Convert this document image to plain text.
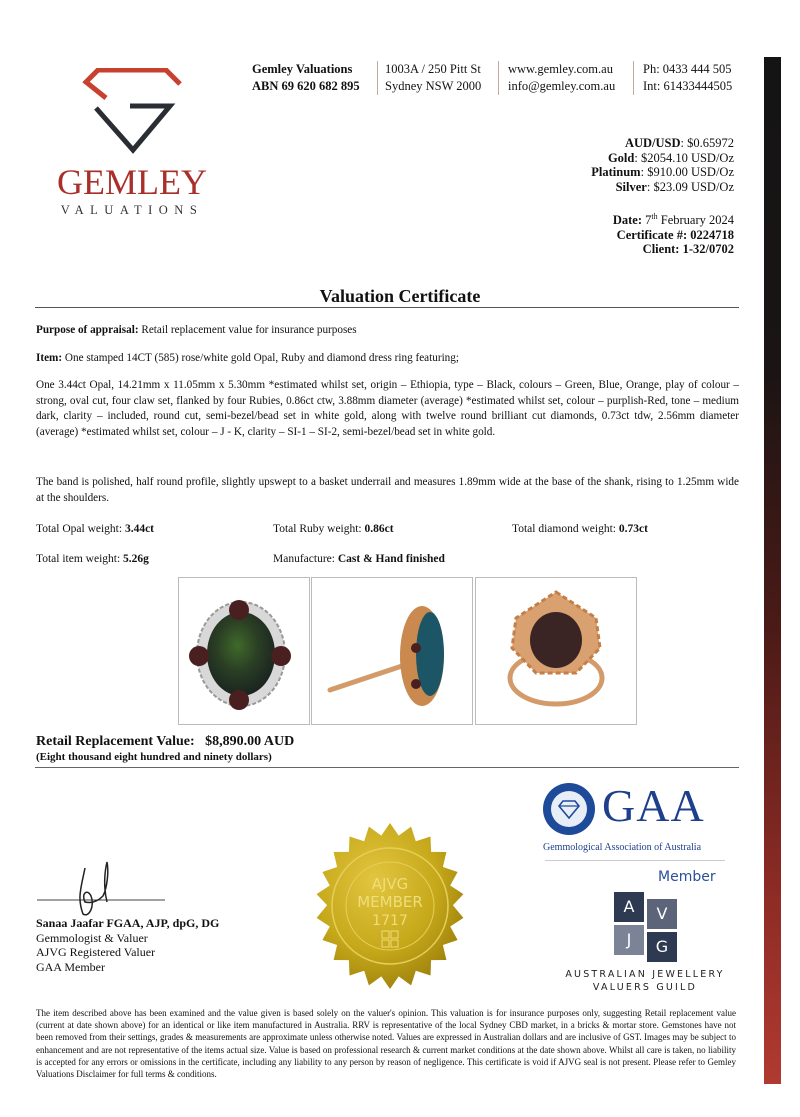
GEMLEY
VALUATIONS
Gemley Valuations
ABN 69 620 682 895
1003A / 250 Pitt St
Sydney NSW 2000
www.gemley.com.au
info@gemley.com.au
Ph: 0433 444 505
Int: 61433444505
AUD/USD: $0.65972
Gold: $2054.10 USD/Oz
Platinum: $910.00 USD/Oz
Silver: $23.09 USD/Oz
Date: 7th February 2024
Certificate #: 0224718
Client: 1-32/0702
Valuation Certificate
Purpose of appraisal: Retail replacement value for insurance purposes
Item: One stamped 14CT (585) rose/white gold Opal, Ruby and diamond dress ring featuring;
One 3.44ct Opal, 14.21mm x 11.05mm x 5.30mm *estimated whilst set, origin – Ethiopia, type – Black, colours – Green, Blue, Orange, play of colour – strong, oval cut, four claw set, flanked by four Rubies, 0.86ct ctw, 3.88mm diameter (average) *estimated whilst set, colour – purplish-Red, tone – medium dark, clarity – included, round cut, semi-bezel/bead set in white gold, along with twelve round brilliant cut diamonds, 0.73ct tdw, 2.56mm diameter (average) *estimated whilst set, colour – J - K, clarity – SI-1 – SI-2, semi-bezel/bead set in white gold.
The band is polished, half round profile, slightly upswept to a basket underrail and measures 1.89mm wide at the base of the shank, rising to 1.25mm wide at the shoulders.
Total Opal weight: 3.44ct	Total Ruby weight: 0.86ct	Total diamond weight: 0.73ct
Total item weight: 5.26g	Manufacture: Cast & Hand finished
Retail Replacement Value: $8,890.00 AUD
(Eight thousand eight hundred and ninety dollars)
GAA
Gemmological Association of Australia
Member
A	V
J	G
AUSTRALIAN JEWELLERY
VALUERS GUILD
AJVG
MEMBER
1717
Sanaa Jaafar FGAA, AJP, dpG, DG
Gemmologist & Valuer
AJVG Registered Valuer
GAA Member
The item described above has been examined and the value given is based solely on the valuer's opinion. This valuation is for insurance purposes only, suggesting Retail replacement value (current at date shown above) for an identical or like item manufactured in Australia. RRV is representative of the local Sydney CBD market, in a bricks & mortar store. Gemstones have not been removed from their settings, grades & measurements are approximate unless otherwise noted. Values are expressed in Australian dollars and are inclusive of GST. Images may be subject to enhancement and are not representative of the items actual size. Value is based on professional research & current market conditions at the date shown above. Whilst all care is taken, no liability is accepted for any errors or omissions in the certificate, including any liability to any person by reason of negligence. This certificate is void if AJVG seal is not present. Please refer to Gemley Valuations Disclaimer for full terms & conditions.
